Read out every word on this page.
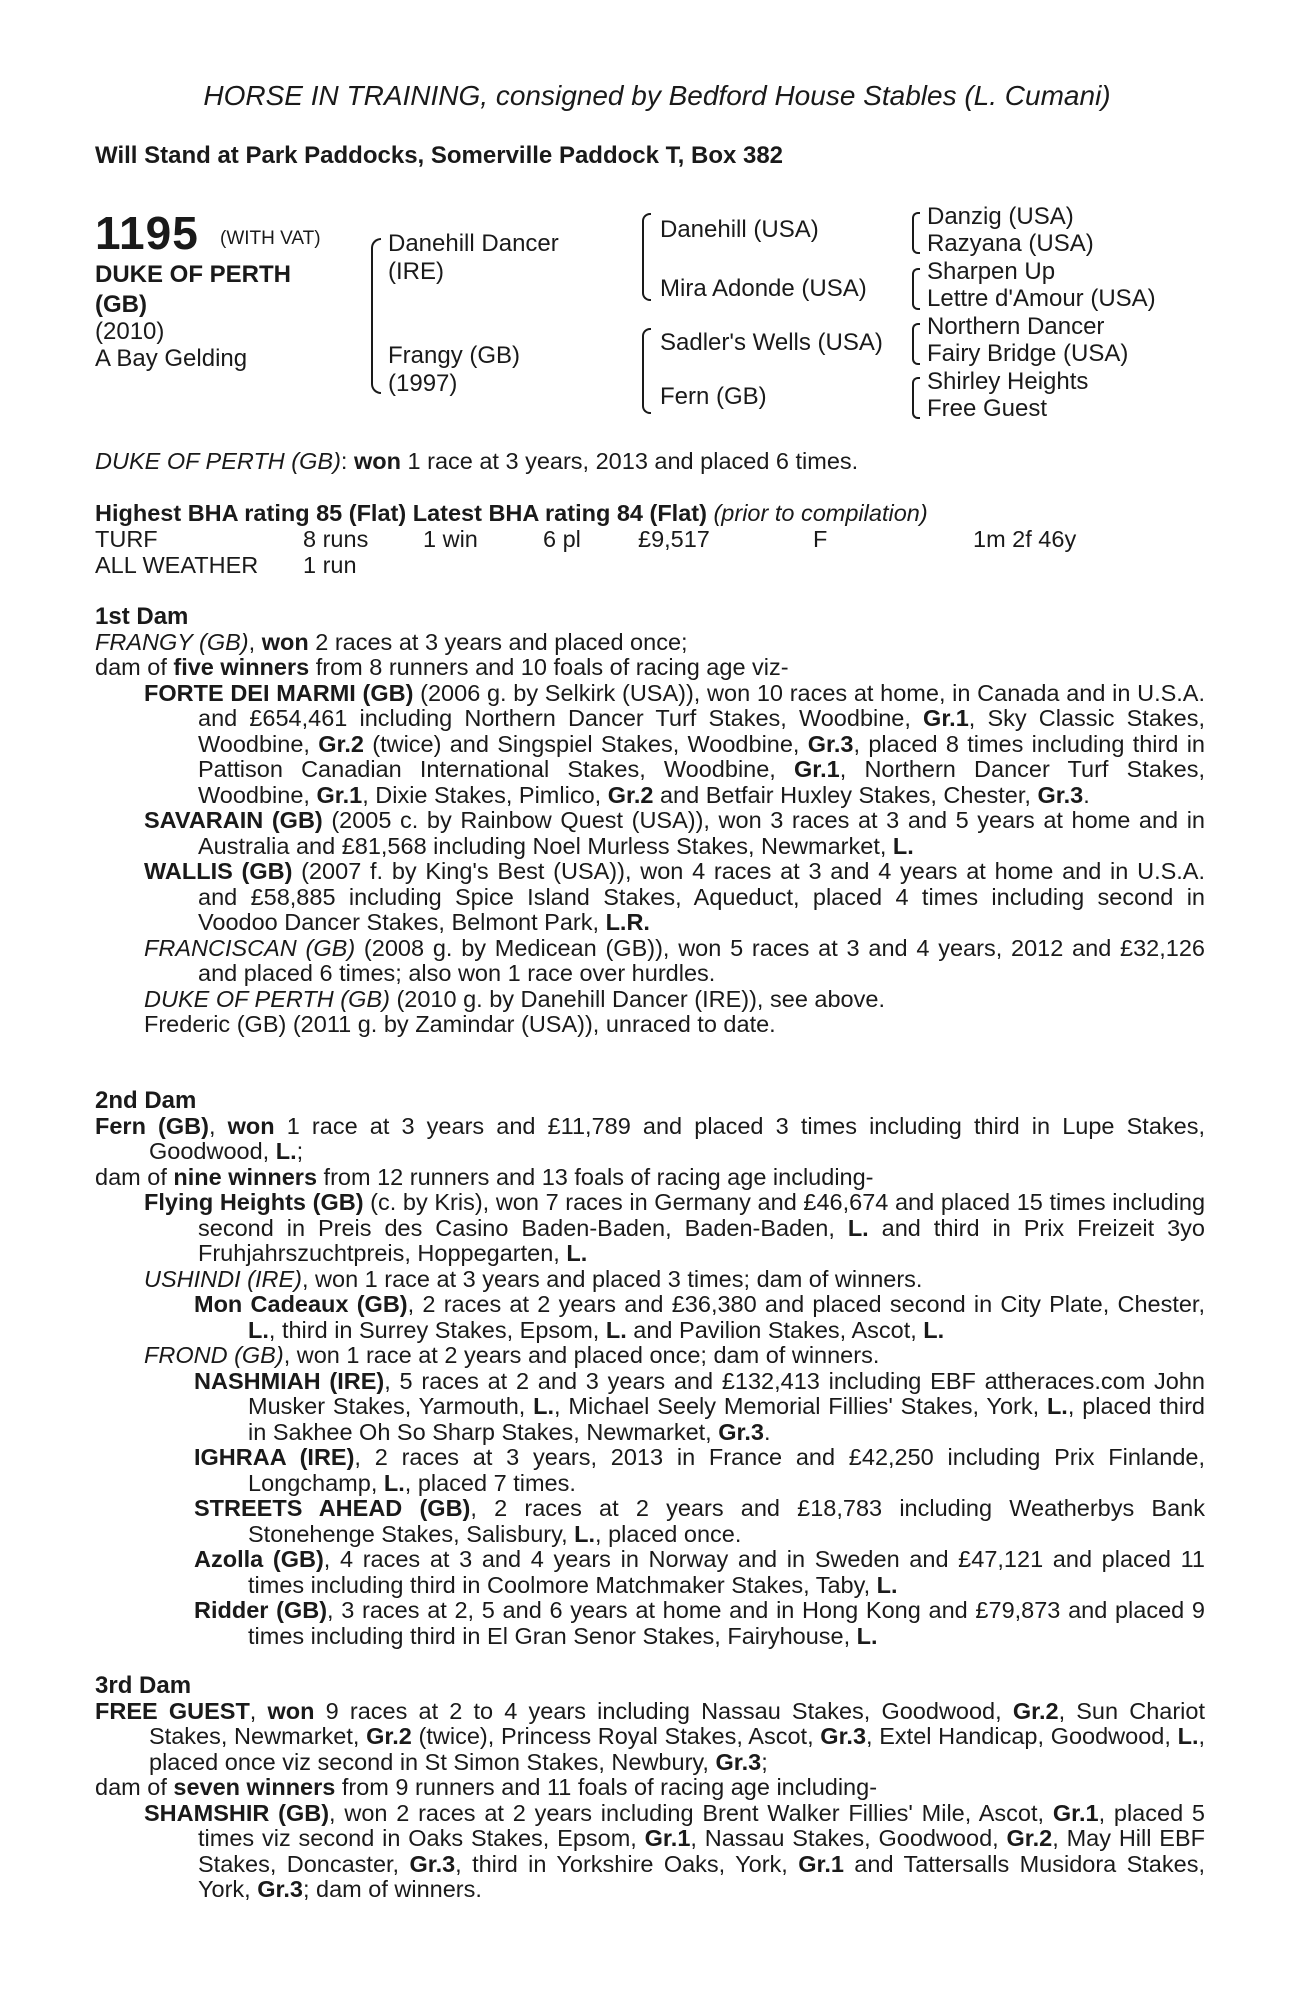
HORSE IN TRAINING, consigned by Bedford House Stables (L. Cumani)
Will Stand at Park Paddocks, Somerville Paddock T, Box 382
1195 (WITH VAT)
DUKE OF PERTH
(GB)
(2010)
A Bay Gelding
Danehill Dancer
(IRE)
Frangy (GB)
(1997)
Danehill (USA)
Mira Adonde (USA)
Sadler's Wells (USA)
Fern (GB)
Danzig (USA)
Razyana (USA)
Sharpen Up
Lettre d'Amour (USA)
Northern Dancer
Fairy Bridge (USA)
Shirley Heights
Free Guest

DUKE OF PERTH (GB): won 1 race at 3 years, 2013 and placed 6 times.

Highest BHA rating 85 (Flat) Latest BHA rating 84 (Flat) (prior to compilation)

TURF	8 runs 1 win	6 pl £9,517	F	1m 2f 46y
ALL WEATHER 1 run

1st Dam

FRANGY (GB), won 2 races at 3 years and placed once;

dam of five winners from 8 runners and 10 foals of racing age viz-

FORTE DEI MARMI (GB) (2006 g. by Selkirk (USA)), won 10 races at home, in Canada and in U.S.A. and £654,461 including Northern Dancer Turf Stakes, Woodbine, Gr.1, Sky Classic Stakes, Woodbine, Gr.2 (twice) and Singspiel Stakes, Woodbine, Gr.3, placed 8 times including third in Pattison Canadian International Stakes, Woodbine, Gr.1, Northern Dancer Turf Stakes, Woodbine, Gr.1, Dixie Stakes, Pimlico, Gr.2 and Betfair Huxley Stakes, Chester, Gr.3.

SAVARAIN (GB) (2005 c. by Rainbow Quest (USA)), won 3 races at 3 and 5 years at home and in Australia and £81,568 including Noel Murless Stakes, Newmarket, L.

WALLIS (GB) (2007 f. by King's Best (USA)), won 4 races at 3 and 4 years at home and in U.S.A. and £58,885 including Spice Island Stakes, Aqueduct, placed 4 times including second in Voodoo Dancer Stakes, Belmont Park, L.R.

FRANCISCAN (GB) (2008 g. by Medicean (GB)), won 5 races at 3 and 4 years, 2012 and £32,126 and placed 6 times; also won 1 race over hurdles.

DUKE OF PERTH (GB) (2010 g. by Danehill Dancer (IRE)), see above.

Frederic (GB) (2011 g. by Zamindar (USA)), unraced to date.

2nd Dam

Fern (GB), won 1 race at 3 years and £11,789 and placed 3 times including third in Lupe Stakes, Goodwood, L.;

dam of nine winners from 12 runners and 13 foals of racing age including-

Flying Heights (GB) (c. by Kris), won 7 races in Germany and £46,674 and placed 15 times including second in Preis des Casino Baden-Baden, Baden-Baden, L. and third in Prix Freizeit 3yo Fruhjahrszuchtpreis, Hoppegarten, L.

USHINDI (IRE), won 1 race at 3 years and placed 3 times; dam of winners.

Mon Cadeaux (GB), 2 races at 2 years and £36,380 and placed second in City Plate, Chester, L., third in Surrey Stakes, Epsom, L. and Pavilion Stakes, Ascot, L.

FROND (GB), won 1 race at 2 years and placed once; dam of winners.

NASHMIAH (IRE), 5 races at 2 and 3 years and £132,413 including EBF attheraces.com John Musker Stakes, Yarmouth, L., Michael Seely Memorial Fillies' Stakes, York, L., placed third in Sakhee Oh So Sharp Stakes, Newmarket, Gr.3.

IGHRAA (IRE), 2 races at 3 years, 2013 in France and £42,250 including Prix Finlande, Longchamp, L., placed 7 times.

STREETS AHEAD (GB), 2 races at 2 years and £18,783 including Weatherbys Bank Stonehenge Stakes, Salisbury, L., placed once.

Azolla (GB), 4 races at 3 and 4 years in Norway and in Sweden and £47,121 and placed 11 times including third in Coolmore Matchmaker Stakes, Taby, L.

Ridder (GB), 3 races at 2, 5 and 6 years at home and in Hong Kong and £79,873 and placed 9 times including third in El Gran Senor Stakes, Fairyhouse, L.

3rd Dam

FREE GUEST, won 9 races at 2 to 4 years including Nassau Stakes, Goodwood, Gr.2, Sun Chariot Stakes, Newmarket, Gr.2 (twice), Princess Royal Stakes, Ascot, Gr.3, Extel Handicap, Goodwood, L., placed once viz second in St Simon Stakes, Newbury, Gr.3;

dam of seven winners from 9 runners and 11 foals of racing age including-

SHAMSHIR (GB), won 2 races at 2 years including Brent Walker Fillies' Mile, Ascot, Gr.1, placed 5 times viz second in Oaks Stakes, Epsom, Gr.1, Nassau Stakes, Goodwood, Gr.2, May Hill EBF Stakes, Doncaster, Gr.3, third in Yorkshire Oaks, York, Gr.1 and Tattersalls Musidora Stakes, York, Gr.3; dam of winners.
